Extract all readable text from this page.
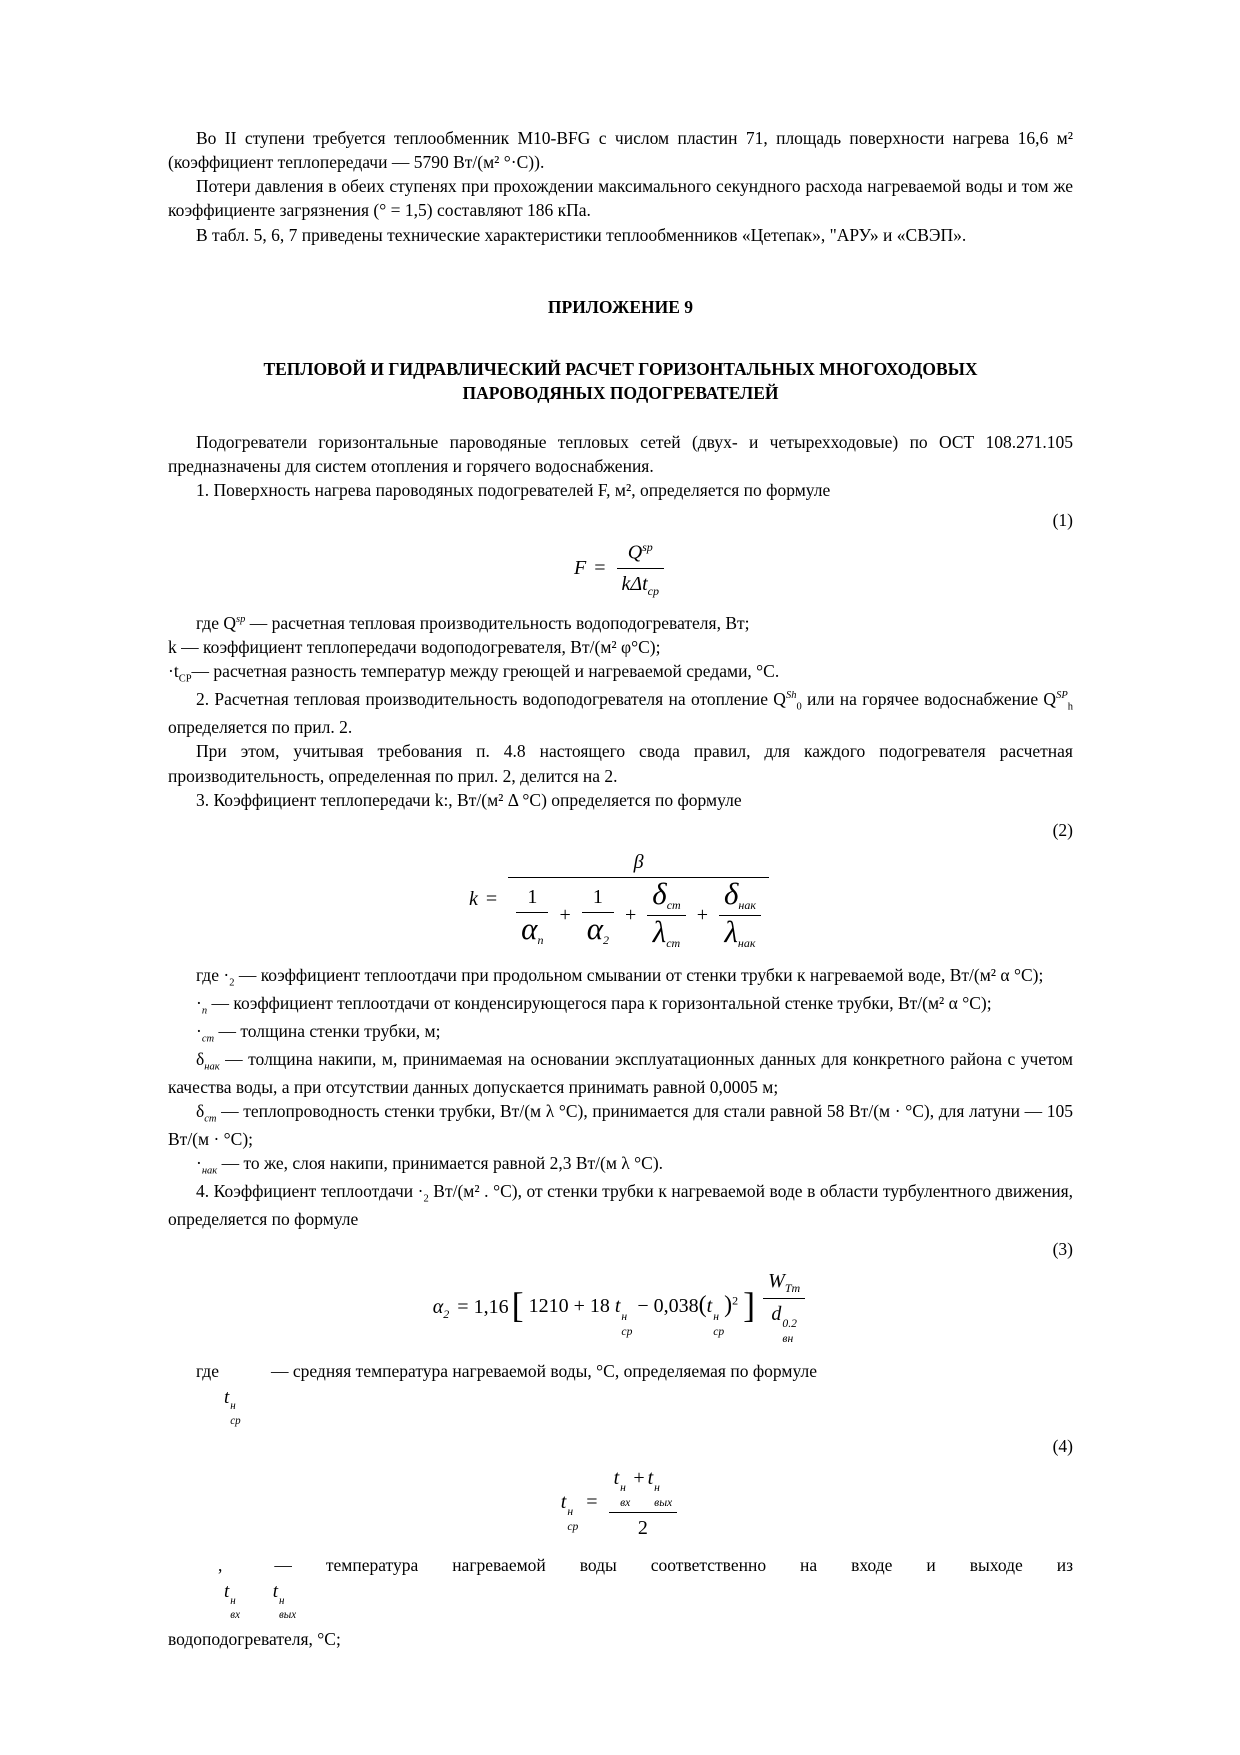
Во II ступени требуется теплообменник M10-BFG с числом пластин 71, площадь поверхности нагрева 16,6 м² (коэффициент теплопередачи — 5790 Вт/(м² °·С)).

Потери давления в обеих ступенях при прохождении максимального секундного расхода нагреваемой воды и том же коэффициенте загрязнения (° = 1,5) составляют 186 кПа.

В табл. 5, 6, 7 приведены технические характеристики теплообменников «Цетепак», "АРУ» и «СВЭП».

ПРИЛОЖЕНИЕ 9
ТЕПЛОВОЙ И ГИДРАВЛИЧЕСКИЙ РАСЧЕТ ГОРИЗОНТАЛЬНЫХ МНОГОХОДОВЫХ
ПАРОВОДЯНЫХ ПОДОГРЕВАТЕЛЕЙ

Подогреватели горизонтальные пароводяные тепловых сетей (двух- и четырехходовые) по ОСТ 108.271.105 предназначены для систем отопления и горячего водоснабжения.

1. Поверхность нагрева пароводяных подогревателей F, м², определяется по формуле

(1)
$F = \frac{Q^{sp}}{k\Delta t_{ср}}$

где $Q^{sp}$ — расчетная тепловая производительность водоподогревателя, Вт;

k — коэффициент теплопередачи водоподогревателя, Вт/(м² φ°С);

$\cdot t_{СР}—$ расчетная разность температур между греющей и нагреваемой средами, °С.

2. Расчетная тепловая производительность водоподогревателя на отопление $Q^{Sh}_0$ или на горячее водоснабжение $Q^{SP}_h$ определяется по прил. 2.

При этом, учитывая требования п. 4.8 настоящего свода правил, для каждого подогревателя расчетная производительность, определенная по прил. 2, делится на 2.

3. Коэффициент теплопередачи k:, Вт/(м² Δ °С) определяется по формуле

(2)
k =
β
$\frac{1}{\alpha_n} + \frac{1}{\alpha_2} + \frac{\delta_{ст}}{\lambda_{ст}} + \frac{\delta_{нак}}{\lambda_{нак}}$

где $\cdot_2$ — коэффициент теплоотдачи при продольном смывании от стенки трубки к нагреваемой воде, Вт/(м² α °С);

$\cdot_n$ — коэффициент теплоотдачи от конденсирующегося пара к горизонтальной стенке трубки, Вт/(м² α °С);

$\cdot_{ст}$ — толщина стенки трубки, м;

$\delta_{нак}$ — толщина накипи, м, принимаемая на основании эксплуатационных данных для конкретного района с учетом качества воды, а при отсутствии данных допускается принимать равной 0,0005 м;

$\delta_{ст}$ — теплопроводность стенки трубки, Вт/(м λ °С), принимается для стали равной 58 Вт/(м · °С), для латуни — 105 Вт/(м · °С);

$\cdot_{нак}$ — то же, слоя накипи, принимается равной 2,3 Вт/(м λ °С).

4. Коэффициент теплоотдачи $\cdot_2$ Вт/(м² . °С), от стенки трубки к нагреваемой воде в области турбулентного движения, определяется по формуле

(3)
$\alpha_2 = 1,16$[ 1210 + 18 t н
ср
− 0,038(t н
ср
)$^2$ ] $W_{Тт}$
d 0.2
вн

где	— средняя температура нагреваемой воды, °С, определяемая по формуле

t н
ср
(4)
t н
ср
= t н
вх
+ t н
вых
2

,	— температура нагреваемой воды соответственно на входе и выходе из

t н
вх
t н
вых

водоподогревателя, °С;
